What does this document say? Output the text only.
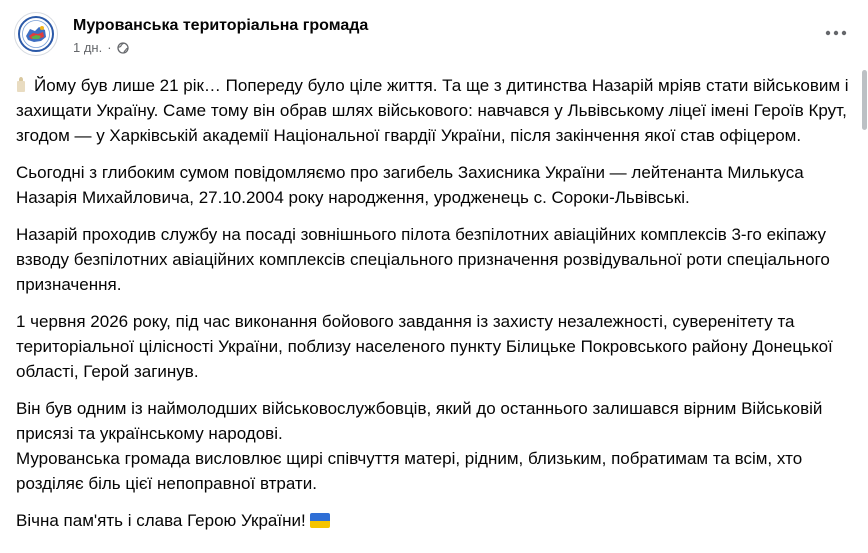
Мурованська територіальна громада
1 дн. ·

Йому був лише 21 рік… Попереду було ціле життя. Та ще з дитинства Назарій мріяв стати військовим і захищати Україну. Саме тому він обрав шлях військового: навчався у Львівському ліцеї імені Героїв Крут, згодом — у Харківській академії Національної гвардії України, після закінчення якої став офіцером.

Сьогодні з глибоким сумом повідомляємо про загибель Захисника України — лейтенанта Милькуса Назарія Михайловича, 27.10.2004 року народження, уродженець с. Сороки-Львівські.

Назарій проходив службу на посаді зовнішнього пілота безпілотних авіаційних комплексів 3-го екіпажу взводу безпілотних авіаційних комплексів спеціального призначення розвідувальної роти спеціального призначення.

1 червня 2026 року, під час виконання бойового завдання із захисту незалежності, суверенітету та територіальної цілісності України, поблизу населеного пункту Білицьке Покровського району Донецької області, Герой загинув.

Він був одним із наймолодших військовослужбовців, який до останнього залишався вірним Військовій присязі та українському народові.
Мурованська громада висловлює щирі співчуття матері, рідним, близьким, побратимам та всім, хто розділяє біль цієї непоправної втрати.

Вічна пам'ять і слава Герою України!
